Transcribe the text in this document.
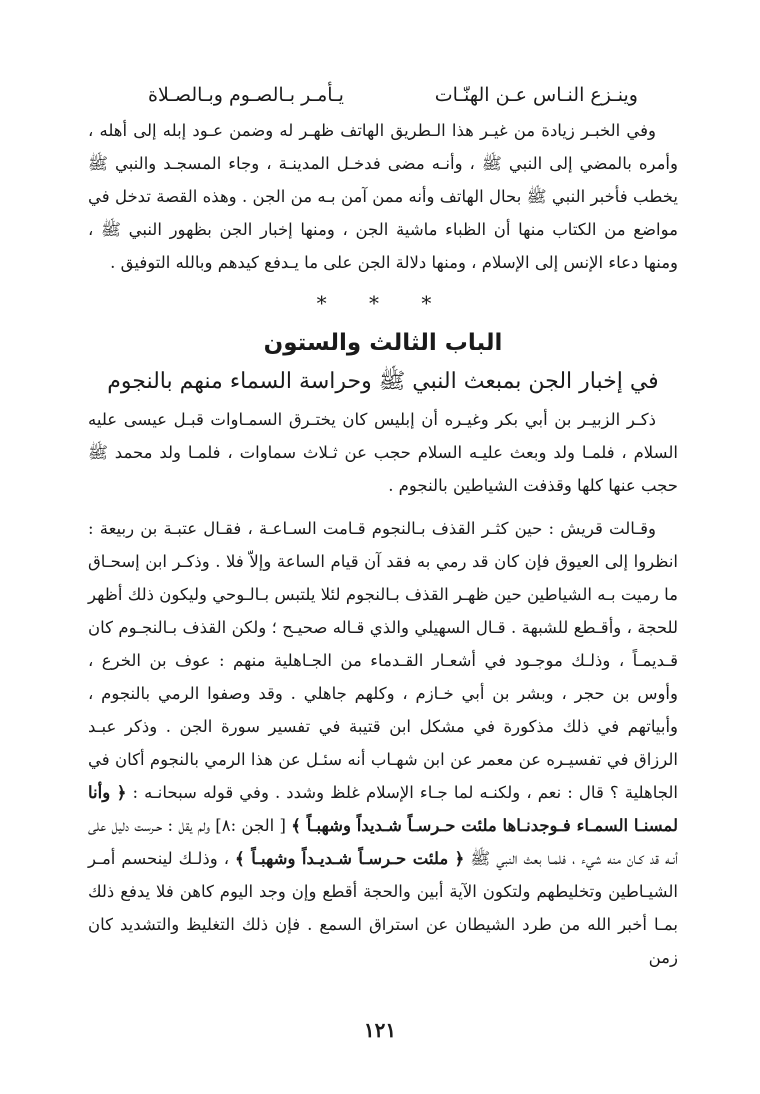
وينـزع النـاس عـن الهنّـات
يـأمـر بـالصـوم وبـالصـلاة

وفي الخبـر زيادة من غيـر هذا الـطريق الهاتف ظهـر له وضمن عـود إبله إلى أهله ، وأمره بالمضي إلى النبي ﷺ ، وأنـه مضى فدخـل المدينـة ، وجاء المسجـد والنبي ﷺ يخطب فأخبر النبي ﷺ بحال الهاتف وأنه ممن آمن بـه من الجن . وهذه القصة تدخل في مواضع من الكتاب منها أن الظباء ماشية الجن ، ومنها إخبار الجن بظهور النبي ﷺ ، ومنها دعاء الإنس إلى الإسلام ، ومنها دلالة الجن على ما يـدفع كيدهم وبالله التوفيق .

* * *
الباب الثالث والستون
في إخبار الجن بمبعث النبي ﷺ وحراسة السماء منهم بالنجوم

ذكـر الزبيـر بن أبي بكر وغيـره أن إبليس كان يختـرق السمـاوات قبـل عيسى عليه السلام ، فلمـا ولد وبعث عليـه السلام حجب عن ثـلاث سماوات ، فلمـا ولد محمد ﷺ حجب عنها كلها وقذفت الشياطين بالنجوم .

وقـالت قريش : حين كثـر القذف بـالنجوم قـامت السـاعـة ، فقـال عتبـة بن ربيعة : انظروا إلى العيوق فإن كان قد رمي به فقد آن قيام الساعة وإلاّ فلا . وذكـر ابن إسحـاق ما رميت بـه الشياطين حين ظهـر القذف بـالنجوم لئلا يلتبس بـالـوحي وليكون ذلك أظهر للحجة ، وأقـطع للشبهة . قـال السهيلي والذي قـاله صحيـح ؛ ولكن القذف بـالنجـوم كان قـديمـاً ، وذلـك موجـود في أشعـار القـدماء من الجـاهلية منهم : عوف بن الخرع ، وأوس بن حجر ، وبشر بن أبي خـازم ، وكلهم جاهلي . وقد وصفوا الرمي بالنجوم ، وأبياتهم في ذلك مذكورة في مشكل ابن قتيبة في تفسير سورة الجن . وذكر عبـد الرزاق في تفسيـره عن معمر عن ابن شهـاب أنه سئـل عن هذا الرمي بالنجوم أكان في الجاهلية ؟ قال : نعم ، ولكنـه لما جـاء الإسلام غلظ وشدد . وفي قوله سبحانـه : ﴿ وأنا لمسنـا السمـاء فـوجدنـاها ملئت حـرسـاً شـديداً وشهبـاً ﴾ [ الجن :٨] ولم يقل : حـرست دليل على أنـه قد كـان منه شيء ، فلمـا بعث النبي ﷺ ﴿ ملئت حـرسـاً شـديـداً وشهبـاً ﴾ ، وذلـك لينحسم أمـر الشيـاطين وتخليطهم ولتكون الآية أبين والحجة أقطع وإن وجد اليوم كاهن فلا يدفع ذلك بمـا أخبر الله من طرد الشيطان عن استراق السمع . فإن ذلك التغليظ والتشديد كان زمن

١٢١
